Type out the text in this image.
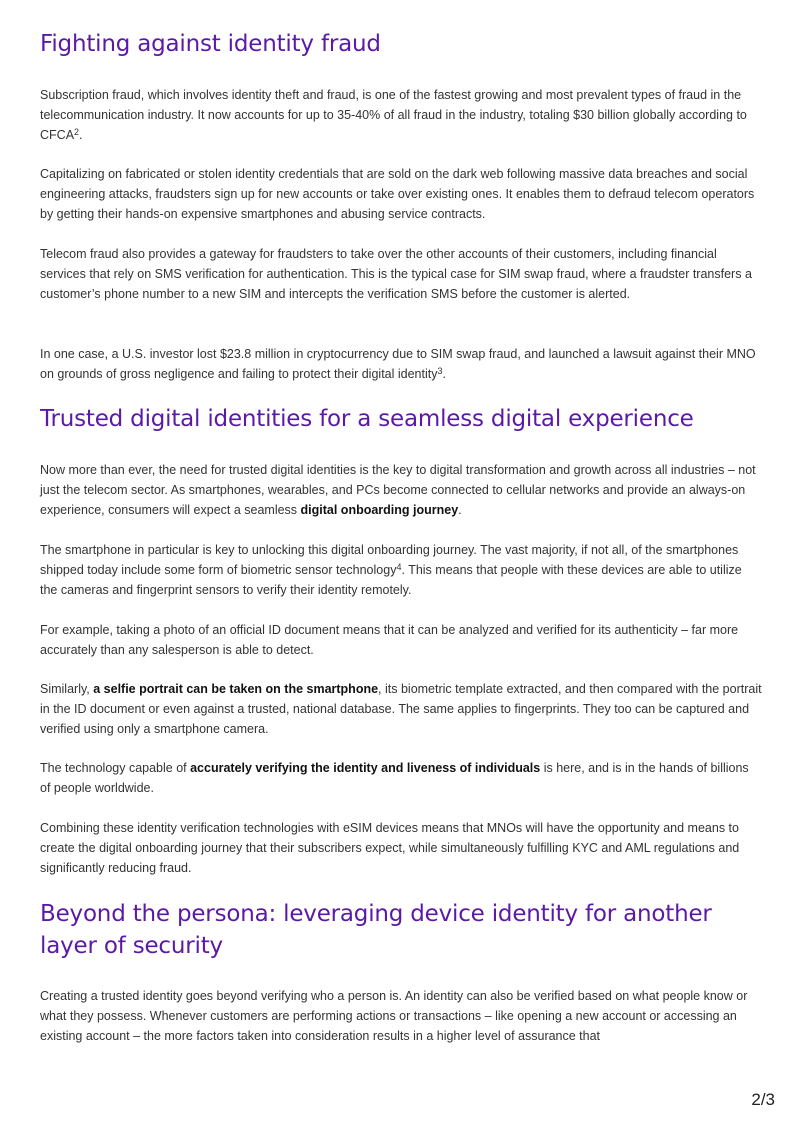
Fighting against identity fraud

Subscription fraud, which involves identity theft and fraud, is one of the fastest growing and most prevalent types of fraud in the telecommunication industry. It now accounts for up to 35-40% of all fraud in the industry, totaling $30 billion globally according to CFCA$^2$.

Capitalizing on fabricated or stolen identity credentials that are sold on the dark web following massive data breaches and social engineering attacks, fraudsters sign up for new accounts or take over existing ones. It enables them to defraud telecom operators by getting their hands-on expensive smartphones and abusing service contracts.

Telecom fraud also provides a gateway for fraudsters to take over the other accounts of their customers, including financial services that rely on SMS verification for authentication. This is the typical case for SIM swap fraud, where a fraudster transfers a customer’s phone number to a new SIM and intercepts the verification SMS before the customer is alerted.

In one case, a U.S. investor lost $23.8 million in cryptocurrency due to SIM swap fraud, and launched a lawsuit against their MNO on grounds of gross negligence and failing to protect their digital identity$^3$.

Trusted digital identities for a seamless digital experience

Now more than ever, the need for trusted digital identities is the key to digital transformation and growth across all industries – not just the telecom sector. As smartphones, wearables, and PCs become connected to cellular networks and provide an always-on experience, consumers will expect a seamless digital onboarding journey.

The smartphone in particular is key to unlocking this digital onboarding journey. The vast majority, if not all, of the smartphones shipped today include some form of biometric sensor technology$^4$. This means that people with these devices are able to utilize the cameras and fingerprint sensors to verify their identity remotely.

For example, taking a photo of an official ID document means that it can be analyzed and verified for its authenticity – far more accurately than any salesperson is able to detect.

Similarly, a selfie portrait can be taken on the smartphone, its biometric template extracted, and then compared with the portrait in the ID document or even against a trusted, national database. The same applies to fingerprints. They too can be captured and verified using only a smartphone camera.

The technology capable of accurately verifying the identity and liveness of individuals is here, and is in the hands of billions of people worldwide.

Combining these identity verification technologies with eSIM devices means that MNOs will have the opportunity and means to create the digital onboarding journey that their subscribers expect, while simultaneously fulfilling KYC and AML regulations and significantly reducing fraud.

Beyond the persona: leveraging device identity for another layer of security

Creating a trusted identity goes beyond verifying who a person is. An identity can also be verified based on what people know or what they possess. Whenever customers are performing actions or transactions – like opening a new account or accessing an existing account – the more factors taken into consideration results in a higher level of assurance that

2/3
